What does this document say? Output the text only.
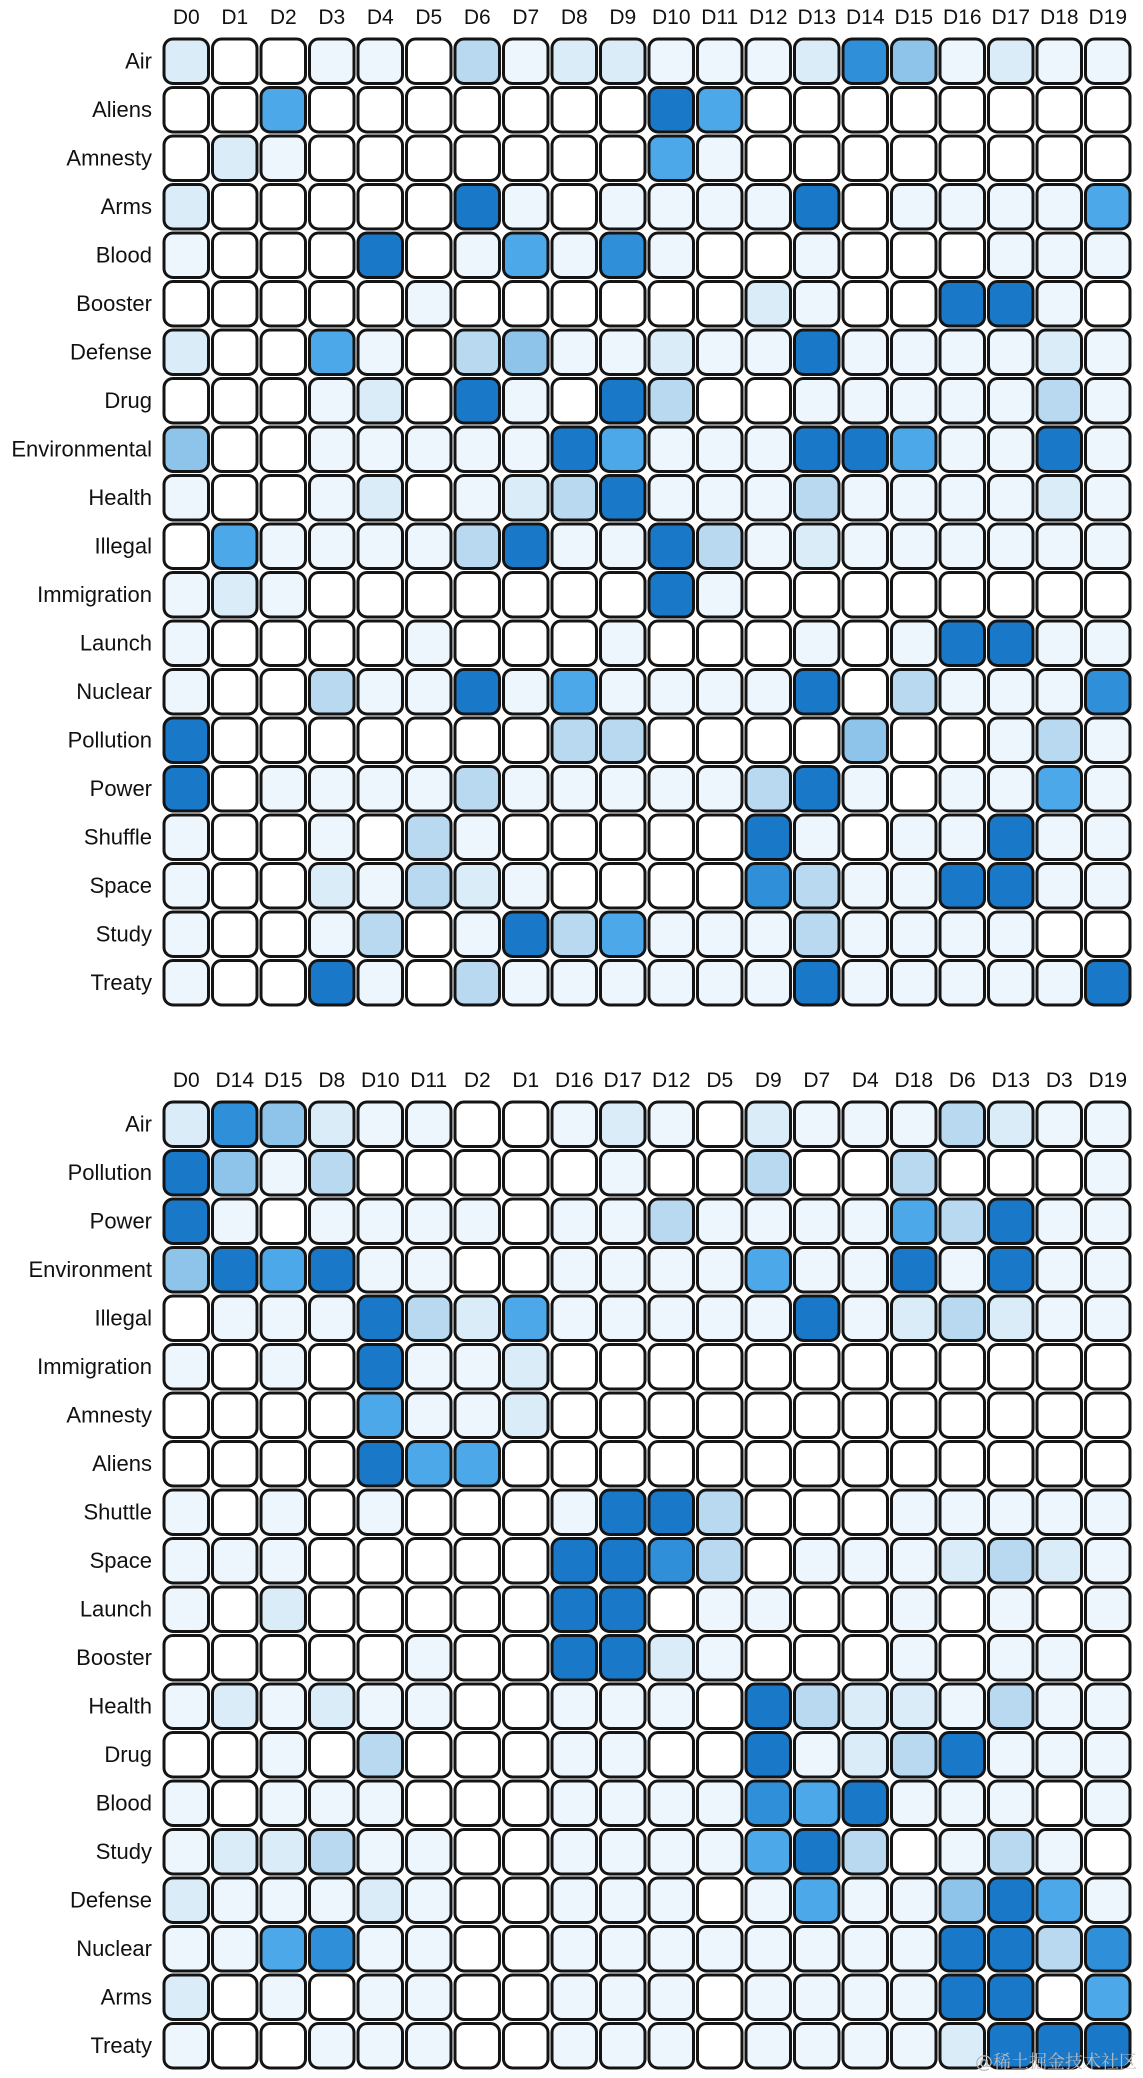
D0 D1 D2 D3 D4 D5 D6 D7 D8 D9 D10 D11 D12 D13 D14 D15 D16 D17 D18 D19
Air
Aliens
Amnesty
Arms
Blood
Booster
Defense
Drug
Environmental
Health
Illegal
Immigration
Launch
Nuclear
Pollution
Power
Shuffle
Space
Study
Treaty
D0 D14 D15 D8 D10 D11 D2 D1 D16 D17 D12 D5 D9 D7 D4 D18 D6 D13 D3 D19
Air
Pollution
Power
Environment
Illegal
Immigration
Amnesty
Aliens
Shuttle
Space
Launch
Booster
Health
Drug
Blood
Study
Defense
Nuclear
Arms
Treaty
@稀土掘金技术社区
